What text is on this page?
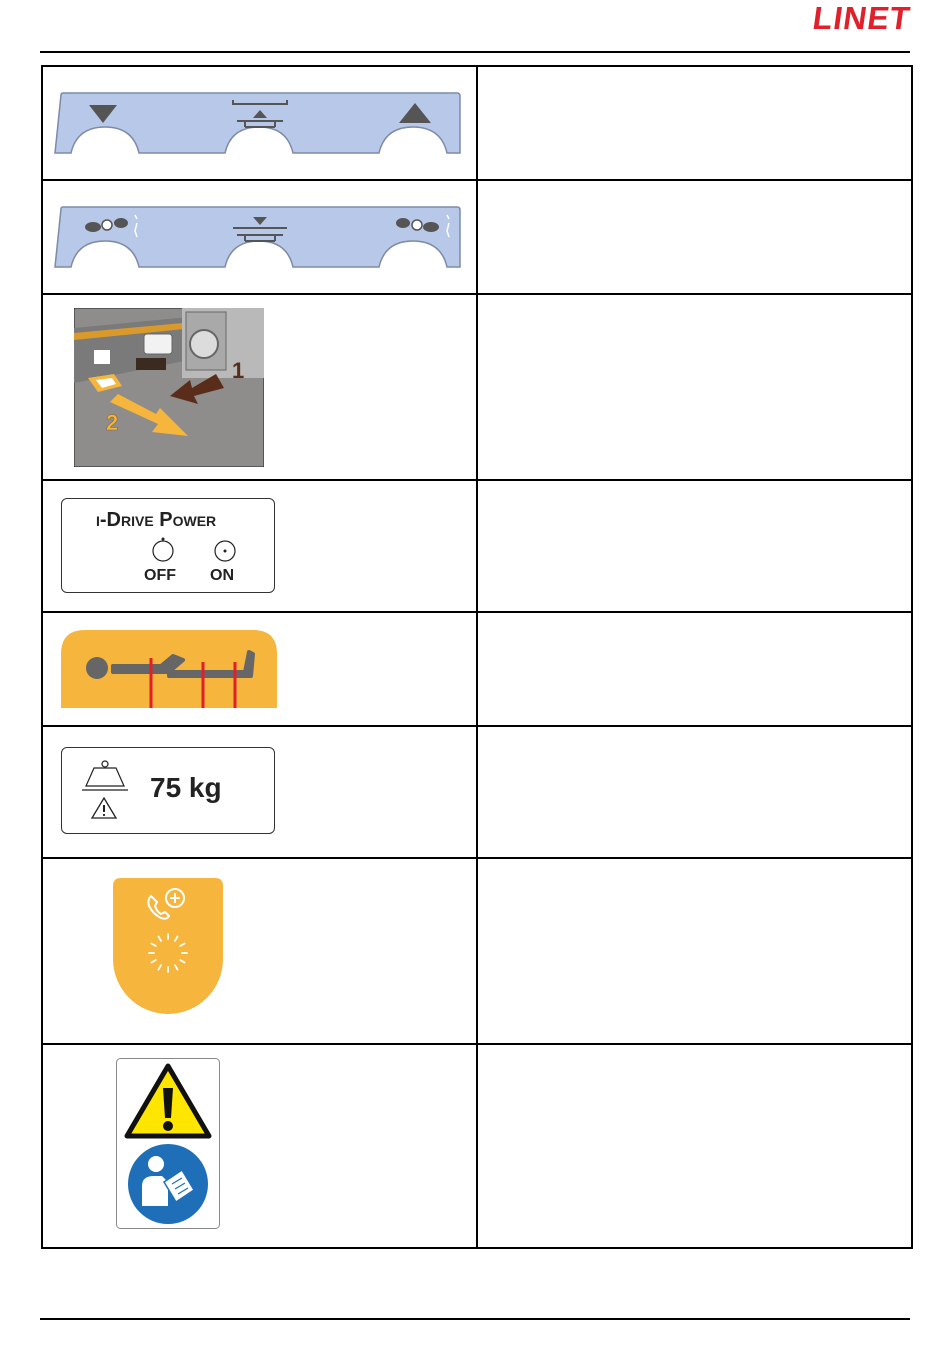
LINET

1
2	

I-DRIVE POWER
OFF ON	

75 kg	
